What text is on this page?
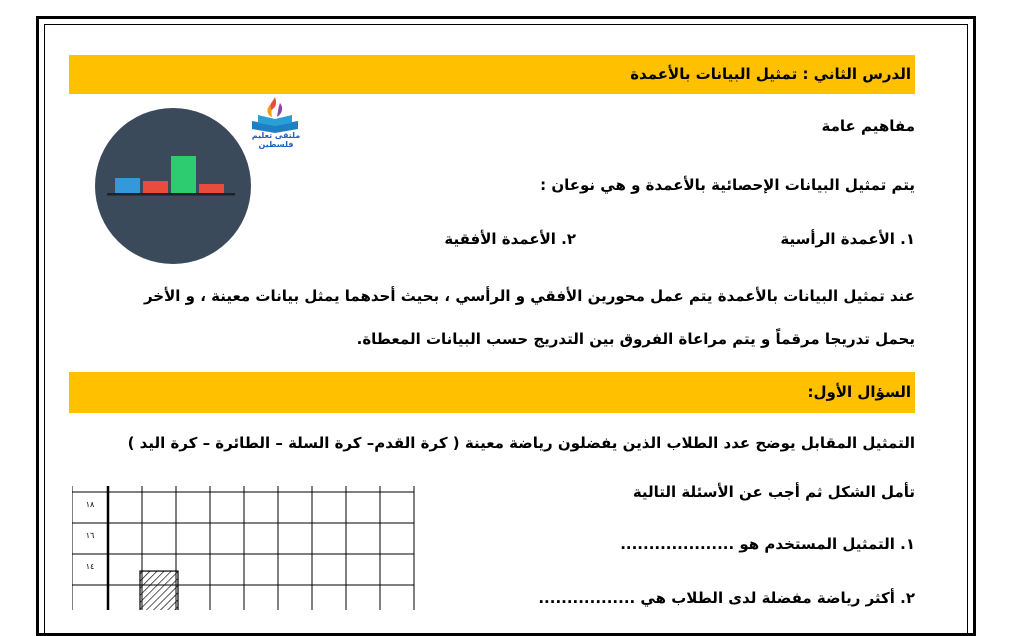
الدرس الثاني : تمثيل البيانات بالأعمدة
مفاهيم عامة
يتم تمثيل البيانات الإحصائية بالأعمدة و هي نوعان :
١. الأعمدة الرأسية
٢. الأعمدة الأفقية
عند تمثيل البيانات بالأعمدة يتم عمل محورين الأفقي و الرأسي ، بحيث أحدهما يمثل بيانات معينة ، و الأخر
يحمل تدريجا مرقماً و يتم مراعاة الفروق بين التدريج حسب البيانات المعطاة.
ملتقى تعليم فلسطين
السؤال الأول:
التمثيل المقابل يوضح عدد الطلاب الذين يفضلون رياضة معينة ( كرة القدم– كرة السلة – الطائرة – كرة اليد )
تأمل الشكل ثم أجب عن الأسئلة التالية
١. التمثيل المستخدم هو ....................
٢. أكثر رياضة مفضلة لدى الطلاب هي .................
١٨
١٦
١٤
